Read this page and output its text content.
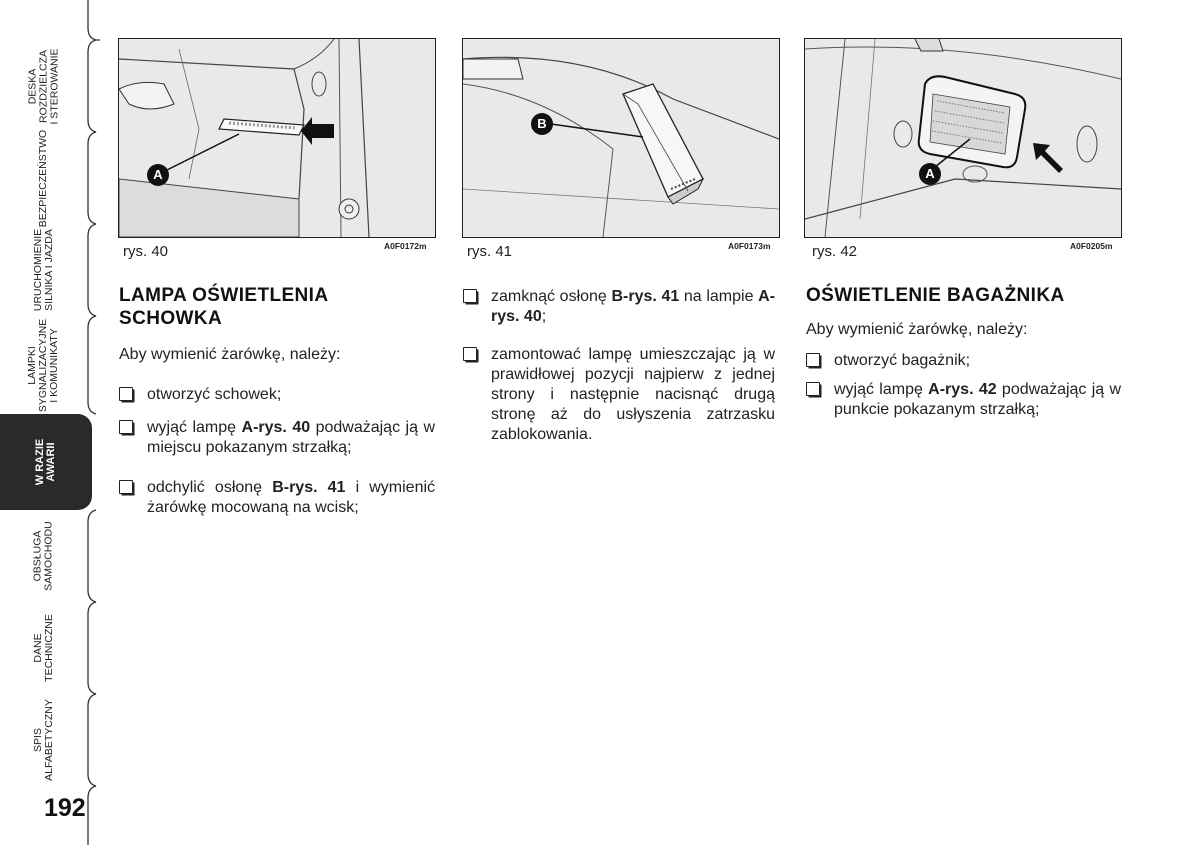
DESKA ROZDZIELCZA I STEROWANIE
BEZPIECZEŃSTWO
URUCHOMIENIE SILNIKA I JAZDA
LAMPKI SYGNALIZACYJNE I KOMUNIKATY
W RAZIE AWARII
OBSŁUGA SAMOCHODU
DANE TECHNICZNE
SPIS ALFABETYCZNY
192
A
rys. 40	A0F0172m
B
rys. 41	A0F0173m
A
rys. 42	A0F0205m
LAMPA OŚWIETLENIA
SCHOWKA

Aby wymienić żarówkę, należy:

otworzyć schowek;

wyjąć lampę A-rys. 40 podważając ją w miejscu pokazanym strzałką;

odchylić osłonę B-rys. 41 i wymienić żarówkę mocowaną na wcisk;

zamknąć osłonę B-rys. 41 na lampie A-rys. 40;

zamontować lampę umieszczając ją w prawidłowej pozycji najpierw z jednej strony i następnie nacisnąć drugą stronę aż do usłyszenia zatrzasku zablokowania.

OŚWIETLENIE BAGAŻNIKA

Aby wymienić żarówkę, należy:

otworzyć bagażnik;

wyjąć lampę A-rys. 42 podważając ją w punkcie pokazanym strzałką;
